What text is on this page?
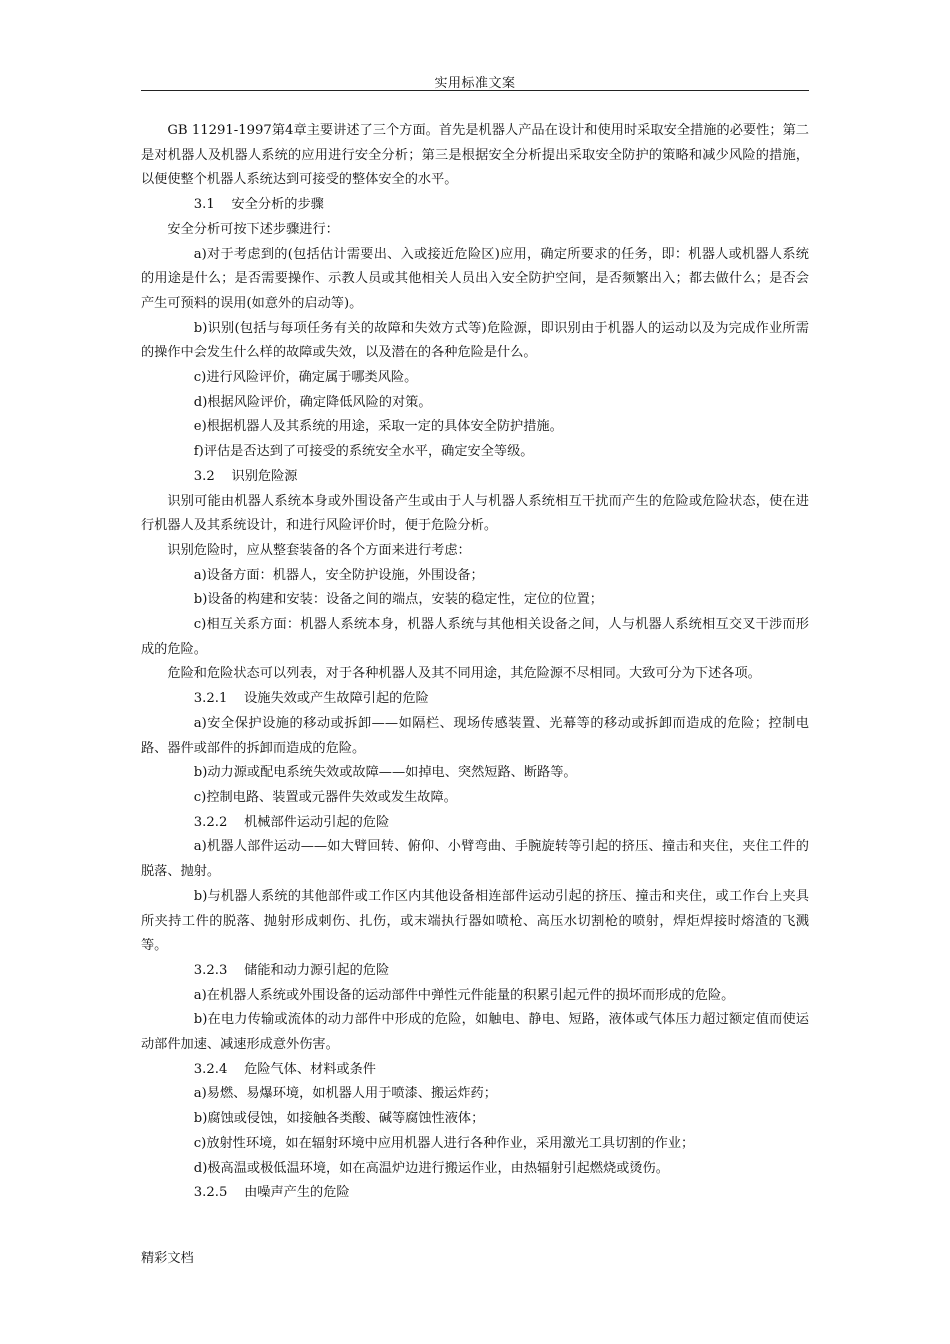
实用标准文案

GB 11291-1997第4章主要讲述了三个方面。首先是机器人产品在设计和使用时采取安全措施的必要性；第二是对机器人及机器人系统的应用进行安全分析；第三是根据安全分析提出采取安全防护的策略和减少风险的措施，以便使整个机器人系统达到可接受的整体安全的水平。

3.1 安全分析的步骤

安全分析可按下述步骤进行：

a)对于考虑到的(包括估计需要出、入或接近危险区)应用，确定所要求的任务，即：机器人或机器人系统的用途是什么；是否需要操作、示教人员或其他相关人员出入安全防护空间，是否频繁出入；都去做什么；是否会产生可预料的误用(如意外的启动等)。

b)识别(包括与每项任务有关的故障和失效方式等)危险源，即识别由于机器人的运动以及为完成作业所需的操作中会发生什么样的故障或失效，以及潜在的各种危险是什么。

c)进行风险评价，确定属于哪类风险。

d)根据风险评价，确定降低风险的对策。

e)根据机器人及其系统的用途，采取一定的具体安全防护措施。

f)评估是否达到了可接受的系统安全水平，确定安全等级。

3.2 识别危险源

识别可能由机器人系统本身或外围设备产生或由于人与机器人系统相互干扰而产生的危险或危险状态，使在进行机器人及其系统设计，和进行风险评价时，便于危险分析。

识别危险时，应从整套装备的各个方面来进行考虑：

a)设备方面：机器人，安全防护设施，外围设备；

b)设备的构建和安装：设备之间的端点，安装的稳定性，定位的位置；

c)相互关系方面：机器人系统本身，机器人系统与其他相关设备之间，人与机器人系统相互交叉干涉而形成的危险。

危险和危险状态可以列表，对于各种机器人及其不同用途，其危险源不尽相同。大致可分为下述各项。

3.2.1 设施失效或产生故障引起的危险

a)安全保护设施的移动或拆卸——如隔栏、现场传感装置、光幕等的移动或拆卸而造成的危险；控制电路、器件或部件的拆卸而造成的危险。

b)动力源或配电系统失效或故障——如掉电、突然短路、断路等。

c)控制电路、装置或元器件失效或发生故障。

3.2.2 机械部件运动引起的危险

a)机器人部件运动——如大臂回转、俯仰、小臂弯曲、手腕旋转等引起的挤压、撞击和夹住，夹住工件的脱落、抛射。

b)与机器人系统的其他部件或工作区内其他设备相连部件运动引起的挤压、撞击和夹住，或工作台上夹具所夹持工件的脱落、抛射形成刺伤、扎伤，或末端执行器如喷枪、高压水切割枪的喷射，焊炬焊接时熔渣的飞溅等。

3.2.3 储能和动力源引起的危险

a)在机器人系统或外围设备的运动部件中弹性元件能量的积累引起元件的损坏而形成的危险。

b)在电力传输或流体的动力部件中形成的危险，如触电、静电、短路，液体或气体压力超过额定值而使运动部件加速、减速形成意外伤害。

3.2.4 危险气体、材料或条件

a)易燃、易爆环境，如机器人用于喷漆、搬运炸药；

b)腐蚀或侵蚀，如接触各类酸、碱等腐蚀性液体；

c)放射性环境，如在辐射环境中应用机器人进行各种作业，采用激光工具切割的作业；

d)极高温或极低温环境，如在高温炉边进行搬运作业，由热辐射引起燃烧或烫伤。

3.2.5 由噪声产生的危险

精彩文档
